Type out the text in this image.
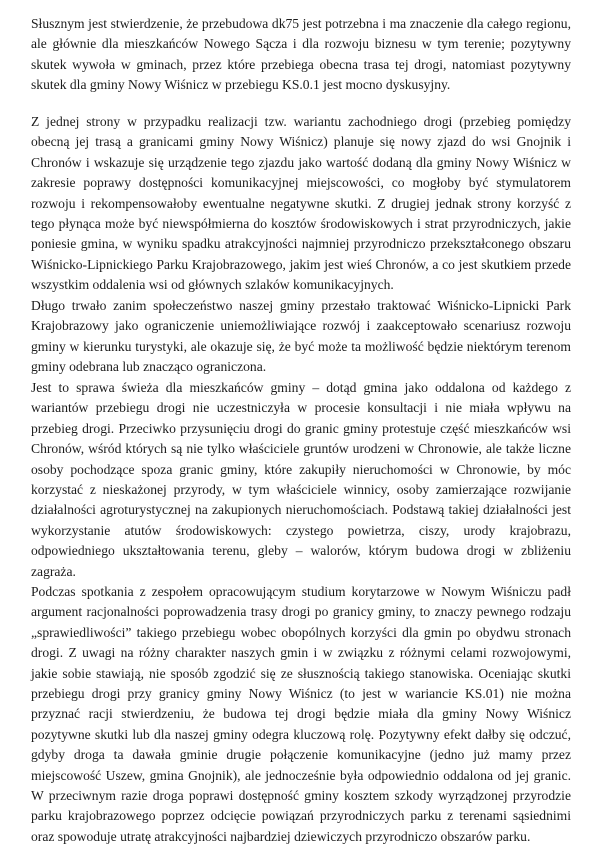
Słusznym jest stwierdzenie, że przebudowa dk75 jest potrzebna i ma znaczenie dla całego regionu, ale głównie dla mieszkańców Nowego Sącza i dla rozwoju biznesu w tym terenie; pozytywny skutek wywoła w gminach, przez które przebiega obecna trasa tej drogi, natomiast pozytywny skutek dla gminy Nowy Wiśnicz w przebiegu KS.0.1 jest mocno dyskusyjny.

Z jednej strony w przypadku realizacji tzw. wariantu zachodniego drogi (przebieg pomiędzy obecną jej trasą a granicami gminy Nowy Wiśnicz) planuje się nowy zjazd do wsi Gnojnik i Chronów i wskazuje się urządzenie tego zjazdu jako wartość dodaną dla gminy Nowy Wiśnicz w zakresie poprawy dostępności komunikacyjnej miejscowości, co mogłoby być stymulatorem rozwoju i rekompensowałoby ewentualne negatywne skutki. Z drugiej jednak strony korzyść z tego płynąca może być niewspółmierna do kosztów środowiskowych i strat przyrodniczych, jakie poniesie gmina, w wyniku spadku atrakcyjności najmniej przyrodniczo przekształconego obszaru Wiśnicko-Lipnickiego Parku Krajobrazowego, jakim jest wieś Chronów, a co jest skutkiem przede wszystkim oddalenia wsi od głównych szlaków komunikacyjnych.

Długo trwało zanim społeczeństwo naszej gminy przestało traktować Wiśnicko-Lipnicki Park Krajobrazowy jako ograniczenie uniemożliwiające rozwój i zaakceptowało scenariusz rozwoju gminy w kierunku turystyki, ale okazuje się, że być może ta możliwość będzie niektórym terenom gminy odebrana lub znacząco ograniczona.

Jest to sprawa świeża dla mieszkańców gminy – dotąd gmina jako oddalona od każdego z wariantów przebiegu drogi nie uczestniczyła w procesie konsultacji i nie miała wpływu na przebieg drogi. Przeciwko przysunięciu drogi do granic gminy protestuje część mieszkańców wsi Chronów, wśród których są nie tylko właściciele gruntów urodzeni w Chronowie, ale także liczne osoby pochodzące spoza granic gminy, które zakupiły nieruchomości w Chronowie, by móc korzystać z nieskażonej przyrody, w tym właściciele winnicy, osoby zamierzające rozwijanie działalności agroturystycznej na zakupionych nieruchomościach. Podstawą takiej działalności jest wykorzystanie atutów środowiskowych: czystego powietrza, ciszy, urody krajobrazu, odpowiedniego ukształtowania terenu, gleby – walorów, którym budowa drogi w zbliżeniu zagraża.

Podczas spotkania z zespołem opracowującym studium korytarzowe w Nowym Wiśniczu padł argument racjonalności poprowadzenia trasy drogi po granicy gminy, to znaczy pewnego rodzaju „sprawiedliwości” takiego przebiegu wobec obopólnych korzyści dla gmin po obydwu stronach drogi. Z uwagi na różny charakter naszych gmin i w związku z różnymi celami rozwojowymi, jakie sobie stawiają, nie sposób zgodzić się ze słusznością takiego stanowiska. Oceniając skutki przebiegu drogi przy granicy gminy Nowy Wiśnicz (to jest w wariancie KS.01) nie można przyznać racji stwierdzeniu, że budowa tej drogi będzie miała dla gminy Nowy Wiśnicz pozytywne skutki lub dla naszej gminy odegra kluczową rolę. Pozytywny efekt dałby się odczuć, gdyby droga ta dawała gminie drugie połączenie komunikacyjne (jedno już mamy przez miejscowość Uszew, gmina Gnojnik), ale jednocześnie była odpowiednio oddalona od jej granic. W przeciwnym razie droga poprawi dostępność gminy kosztem szkody wyrządzonej przyrodzie parku krajobrazowego poprzez odcięcie powiązań przyrodniczych parku z terenami sąsiednimi oraz spowoduje utratę atrakcyjności najbardziej dziewiczych przyrodniczo obszarów parku.
